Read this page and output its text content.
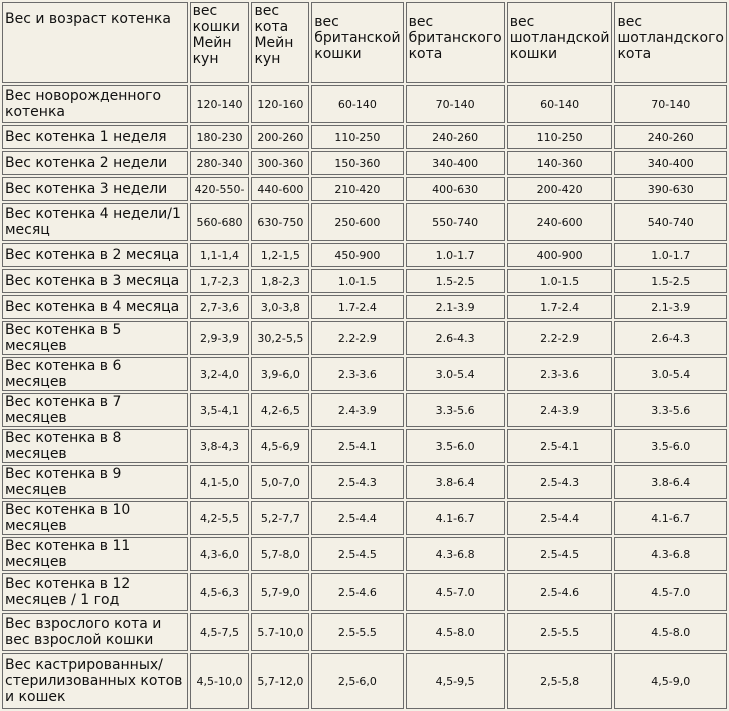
Вес и возраст котенка	вес кошки Мейн кун	вес кота Мейн кун	вес британской кошки	вес британского кота	вес шотландской кошки	вес шотландского кота
Вес новорожденного котенка	120-140	120-160	60-140	70-140	60-140	70-140
Вес котенка 1 неделя	180-230	200-260	110-250	240-260	110-250	240-260
Вес котенка 2 недели	280-340	300-360	150-360	340-400	140-360	340-400
Вес котенка 3 недели	420-550-	440-600	210-420	400-630	200-420	390-630
Вес котенка 4 недели/1 месяц	560-680	630-750	250-600	550-740	240-600	540-740
Вес котенка в 2 месяца	1,1-1,4	1,2-1,5	450-900	1.0-1.7	400-900	1.0-1.7
Вес котенка в 3 месяца	1,7-2,3	1,8-2,3	1.0-1.5	1.5-2.5	1.0-1.5	1.5-2.5
Вес котенка в 4 месяца	2,7-3,6	3,0-3,8	1.7-2.4	2.1-3.9	1.7-2.4	2.1-3.9
Вес котенка в 5 месяцев	2,9-3,9	30,2-5,5	2.2-2.9	2.6-4.3	2.2-2.9	2.6-4.3
Вес котенка в 6 месяцев	3,2-4,0	3,9-6,0	2.3-3.6	3.0-5.4	2.3-3.6	3.0-5.4
Вес котенка в 7 месяцев	3,5-4,1	4,2-6,5	2.4-3.9	3.3-5.6	2.4-3.9	3.3-5.6
Вес котенка в 8 месяцев	3,8-4,3	4,5-6,9	2.5-4.1	3.5-6.0	2.5-4.1	3.5-6.0
Вес котенка в 9 месяцев	4,1-5,0	5,0-7,0	2.5-4.3	3.8-6.4	2.5-4.3	3.8-6.4
Вес котенка в 10 месяцев	4,2-5,5	5,2-7,7	2.5-4.4	4.1-6.7	2.5-4.4	4.1-6.7
Вес котенка в 11 месяцев	4,3-6,0	5,7-8,0	2.5-4.5	4.3-6.8	2.5-4.5	4.3-6.8
Вес котенка в 12 месяцев / 1 год	4,5-6,3	5,7-9,0	2.5-4.6	4.5-7.0	2.5-4.6	4.5-7.0
Вес взрослого кота и вес взрослой кошки	4,5-7,5	5.7-10,0	2.5-5.5	4.5-8.0	2.5-5.5	4.5-8.0
Вес кастрированных/ стерилизованных котов и кошек	4,5-10,0	5,7-12,0	2,5-6,0	4,5-9,5	2,5-5,8	4,5-9,0
